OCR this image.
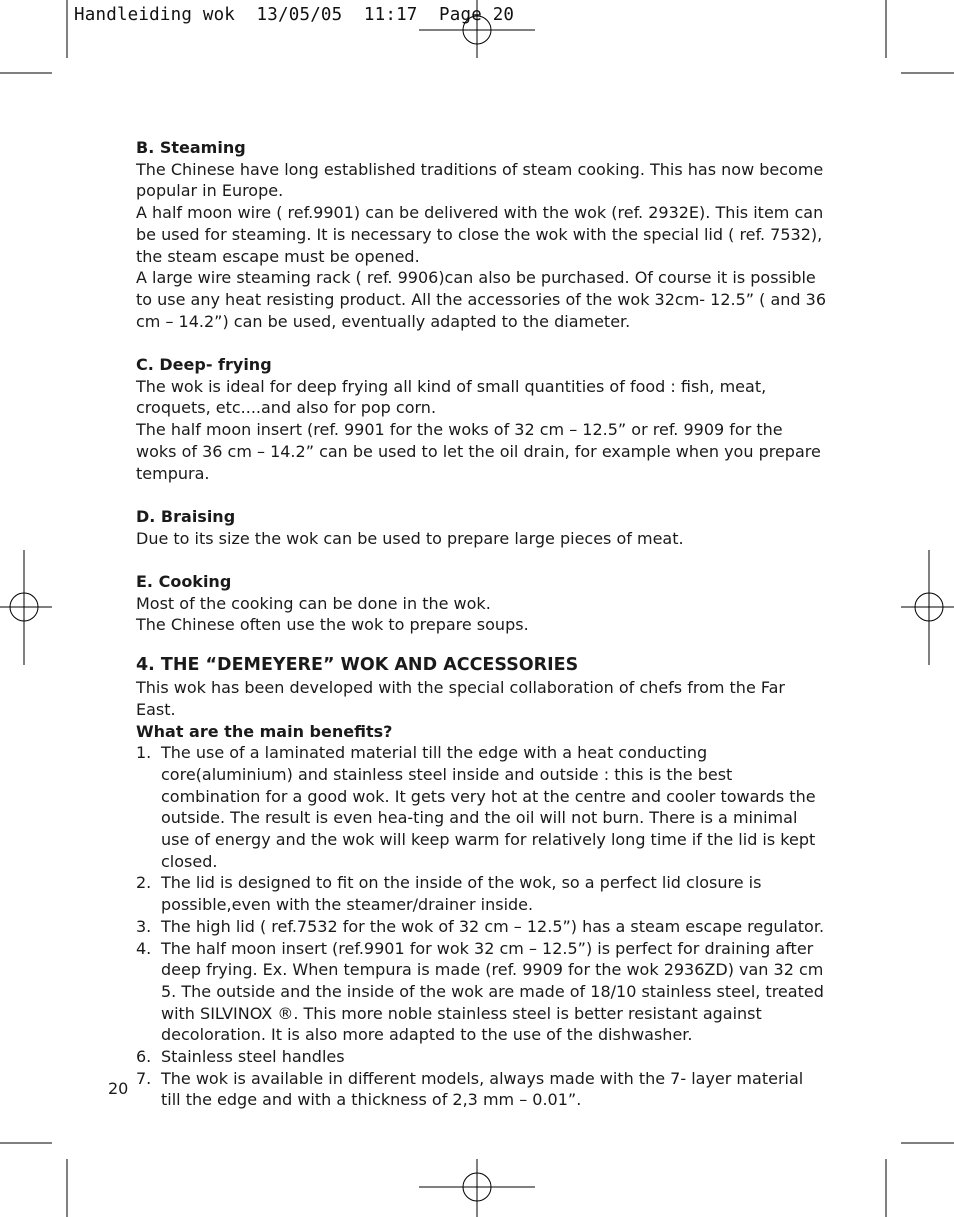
Handleiding wok  13/05/05  11:17  Page 20

B. Steaming

The Chinese have long established traditions of steam cooking. This has now become popular in Europe.

A half moon wire ( ref.9901) can be delivered with the wok (ref. 2932E). This item can be used for steaming. It is necessary to close the wok with the special lid ( ref. 7532), the steam escape must be opened.

A large wire steaming rack ( ref. 9906)can also be purchased. Of course it is possible to use any heat resisting product. All the accessories of the wok 32cm- 12.5” ( and 36 cm – 14.2”) can be used, eventually adapted to the diameter.

C. Deep- frying

The wok is ideal for deep frying all kind of small quantities of food : fish, meat, croquets, etc....and also for pop corn.

The half moon insert (ref. 9901 for the woks of 32 cm – 12.5” or ref. 9909 for the woks of 36 cm – 14.2” can be used to let the oil drain, for example when you prepare tempura.

D. Braising

Due to its size the wok can be used to prepare large pieces of meat.

E. Cooking

Most of the cooking can be done in the wok.

The Chinese often use the wok to prepare soups.

4. THE “DEMEYERE” WOK AND ACCESSORIES

This wok has been developed with the special collaboration of chefs from the Far East.

What are the main benefits?

1. The use of a laminated material till the edge with a heat conducting core(aluminium) and stainless steel inside and outside : this is the best combination for a good wok. It gets very hot at the centre and cooler towards the outside. The result is even hea-ting and the oil will not burn. There is a minimal use of energy and the wok will keep warm for relatively long time if the lid is kept closed.
2. The lid is designed to fit on the inside of the wok, so a perfect lid closure is possible,even with the steamer/drainer inside.
3. The high lid ( ref.7532 for the wok of 32 cm – 12.5”) has a steam escape regulator.
4. The half moon insert (ref.9901 for wok 32 cm – 12.5”) is perfect for draining after deep frying. Ex. When tempura is made (ref. 9909 for the wok 2936ZD) van 32 cm 5. The outside and the inside of the wok are made of 18/10 stainless steel, treated with SILVINOX ®. This more noble stainless steel is better resistant against decoloration. It is also more adapted to the use of the dishwasher.
6. Stainless steel handles
7. The wok is available in different models, always made with the 7- layer material till the edge and with a thickness of 2,3 mm – 0.01”.
20
